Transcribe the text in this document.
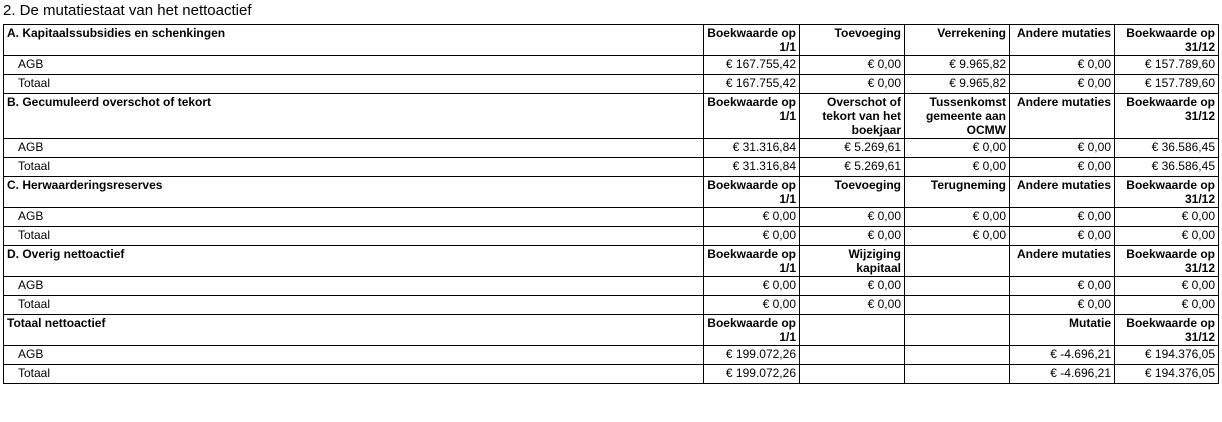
2. De mutatiestaat van het nettoactief
A. Kapitaalssubsidies en schenkingen	Boekwaarde op 1/1	Toevoeging	Verrekening	Andere mutaties	Boekwaarde op 31/12
AGB	€ 167.755,42	€ 0,00	€ 9.965,82	€ 0,00	€ 157.789,60
Totaal	€ 167.755,42	€ 0,00	€ 9.965,82	€ 0,00	€ 157.789,60
B. Gecumuleerd overschot of tekort	Boekwaarde op 1/1	Overschot of tekort van het boekjaar	Tussenkomst gemeente aan OCMW	Andere mutaties	Boekwaarde op 31/12
AGB	€ 31.316,84	€ 5.269,61	€ 0,00	€ 0,00	€ 36.586,45
Totaal	€ 31.316,84	€ 5.269,61	€ 0,00	€ 0,00	€ 36.586,45
C. Herwaarderingsreserves	Boekwaarde op 1/1	Toevoeging	Terugneming	Andere mutaties	Boekwaarde op 31/12
AGB	€ 0,00	€ 0,00	€ 0,00	€ 0,00	€ 0,00
Totaal	€ 0,00	€ 0,00	€ 0,00	€ 0,00	€ 0,00
D. Overig nettoactief	Boekwaarde op 1/1	Wijziging kapitaal		Andere mutaties	Boekwaarde op 31/12
AGB	€ 0,00	€ 0,00		€ 0,00	€ 0,00
Totaal	€ 0,00	€ 0,00		€ 0,00	€ 0,00
Totaal nettoactief	Boekwaarde op 1/1			Mutatie	Boekwaarde op 31/12
AGB	€ 199.072,26			€ -4.696,21	€ 194.376,05
Totaal	€ 199.072,26			€ -4.696,21	€ 194.376,05
